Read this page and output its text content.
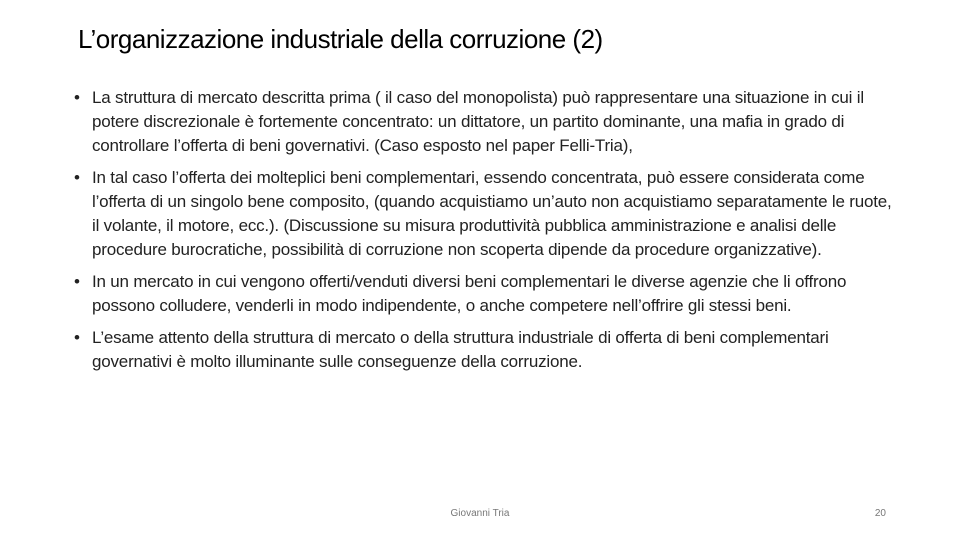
L’organizzazione industriale della corruzione (2)
• La struttura di mercato descritta prima ( il caso del monopolista) può rappresentare una situazione in cui il potere discrezionale è fortemente concentrato: un dittatore, un partito dominante, una mafia in grado di controllare l’offerta di beni governativi. (Caso esposto nel paper Felli-Tria),
• In tal caso l’offerta dei molteplici beni complementari, essendo concentrata, può essere considerata come l’offerta di un singolo bene composito, (quando acquistiamo un’auto non acquistiamo separatamente le ruote, il volante, il motore, ecc.). (Discussione su misura produttività pubblica amministrazione e analisi delle procedure burocratiche, possibilità di corruzione non scoperta dipende da procedure organizzative).
• In un mercato in cui vengono offerti/venduti diversi beni complementari le diverse agenzie che li offrono possono colludere, venderli in modo indipendente, o anche competere nell’offrire gli stessi beni.
• L’esame attento della struttura di mercato o della struttura industriale di offerta di beni complementari governativi è molto illuminante sulle conseguenze della corruzione.
Giovanni Tria	20
